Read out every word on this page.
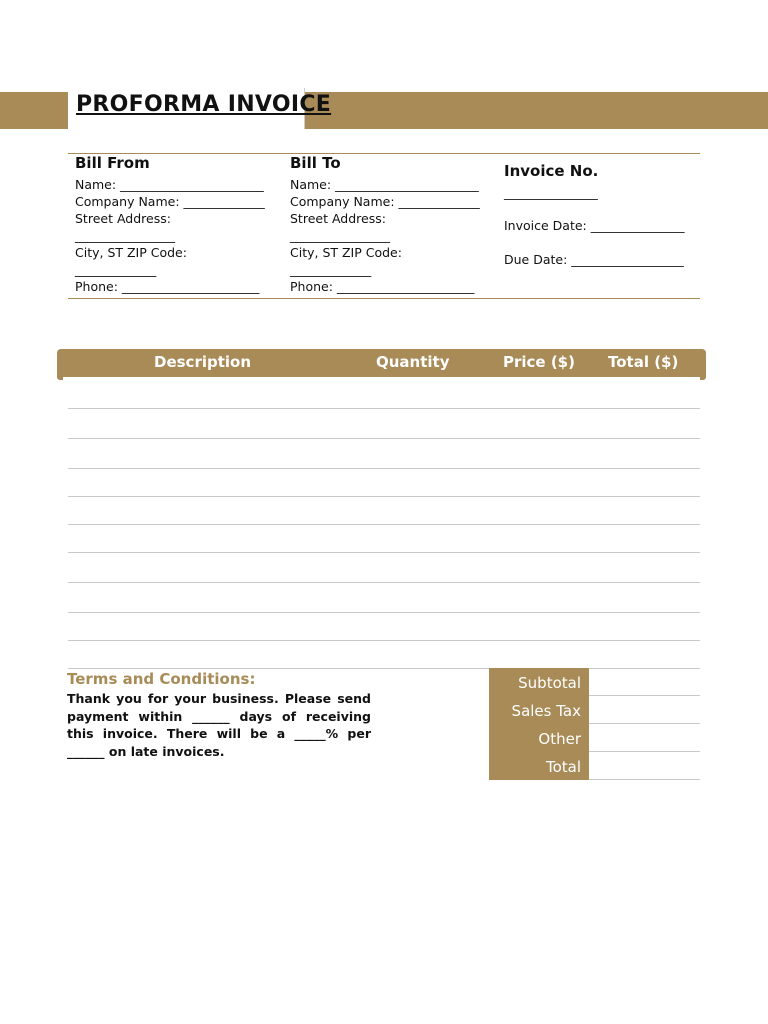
PROFORMA INVOICE
Bill From
Name: _______________________
Company Name: _____________
Street Address:
________________
City, ST ZIP Code:
_____________
Phone: ______________________
Bill To
Name: _______________________
Company Name: _____________
Street Address:
________________
City, ST ZIP Code:
_____________
Phone: ______________________
Invoice No.
_______________
Invoice Date: _______________
Due Date: __________________
Description	Quantity	Price ($) Total ($)
Terms and Conditions:
Thank you for your business. Please send payment within ______ days of receiving this invoice. There will be a _____% per ______ on late invoices.
Subtotal
Sales Tax
Other
Total
